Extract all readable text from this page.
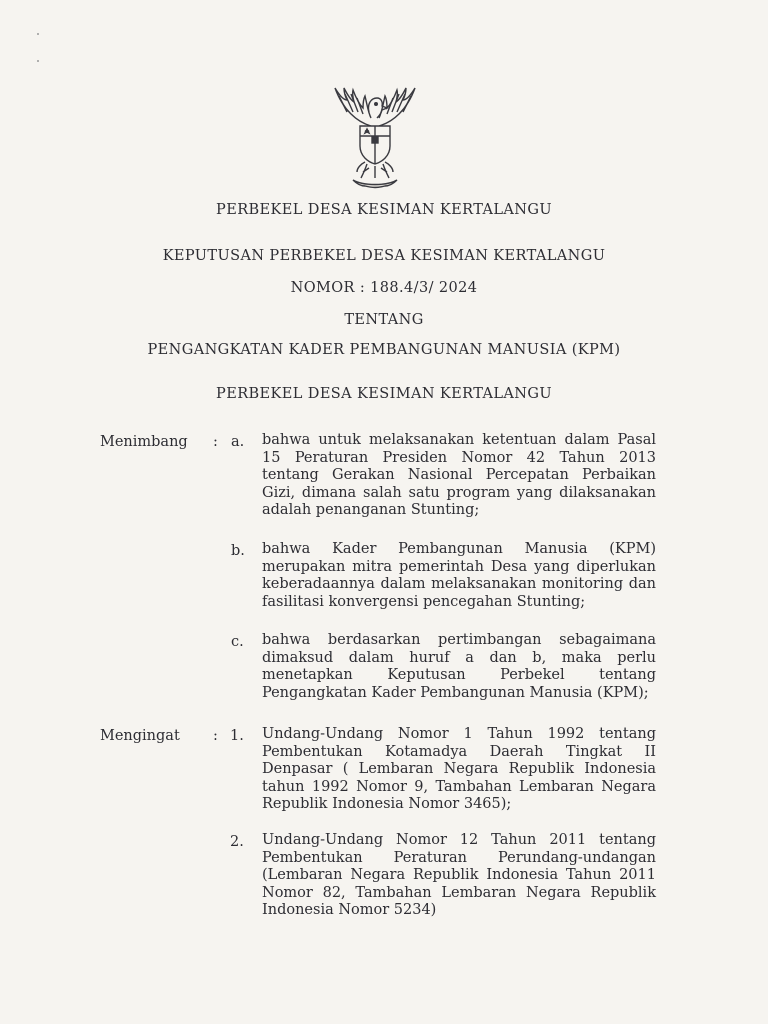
PERBEKEL DESA KESIMAN KERTALANGU
KEPUTUSAN PERBEKEL DESA KESIMAN KERTALANGU
NOMOR : 188.4/3/ 2024
TENTANG
PENGANGKATAN KADER PEMBANGUNAN MANUSIA (KPM)
PERBEKEL DESA KESIMAN KERTALANGU
Menimbang : a. bahwa untuk melaksanakan ketentuan dalam Pasal 15 Peraturan Presiden Nomor 42 Tahun 2013 tentang Gerakan Nasional Percepatan Perbaikan Gizi, dimana salah satu program yang dilaksanakan adalah penanganan Stunting;
b. bahwa Kader Pembangunan Manusia (KPM) merupakan mitra pemerintah Desa yang diperlukan keberadaannya dalam melaksanakan monitoring dan fasilitasi konvergensi pencegahan Stunting;
c. bahwa berdasarkan pertimbangan sebagaimana dimaksud dalam huruf a dan b, maka perlu menetapkan Keputusan Perbekel tentang Pengangkatan Kader Pembangunan Manusia (KPM);
Mengingat : 1. Undang-Undang Nomor 1 Tahun 1992 tentang Pembentukan Kotamadya Daerah Tingkat II Denpasar ( Lembaran Negara Republik Indonesia tahun 1992 Nomor 9, Tambahan Lembaran Negara Republik Indonesia Nomor 3465);
2. Undang-Undang Nomor 12 Tahun 2011 tentang Pembentukan Peraturan Perundang-undangan (Lembaran Negara Republik Indonesia Tahun 2011 Nomor 82, Tambahan Lembaran Negara Republik Indonesia Nomor 5234)
